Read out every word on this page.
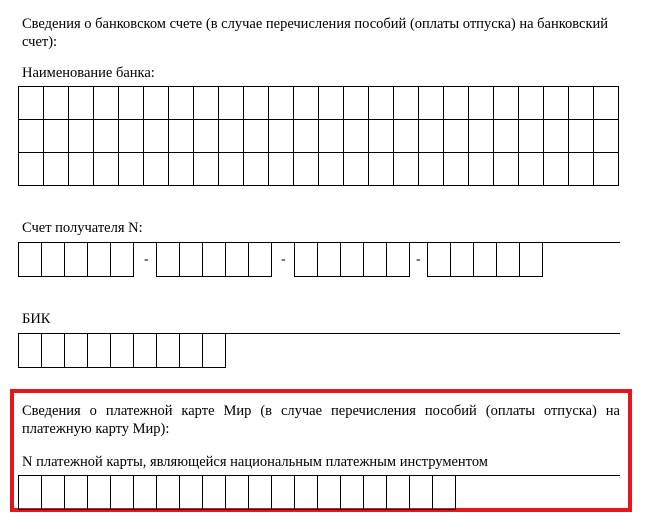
Сведения о банковском счете (в случае перечисления пособий (оплаты отпуска) на банковский счет):
Наименование банка:

Счет получателя N:

-
					-
					-

БИК

Сведения о платежной карте Мир (в случае перечисления пособий (оплаты отпуска) на платежную карту Мир):
N платежной карты, являющейся национальным платежным инструментом
